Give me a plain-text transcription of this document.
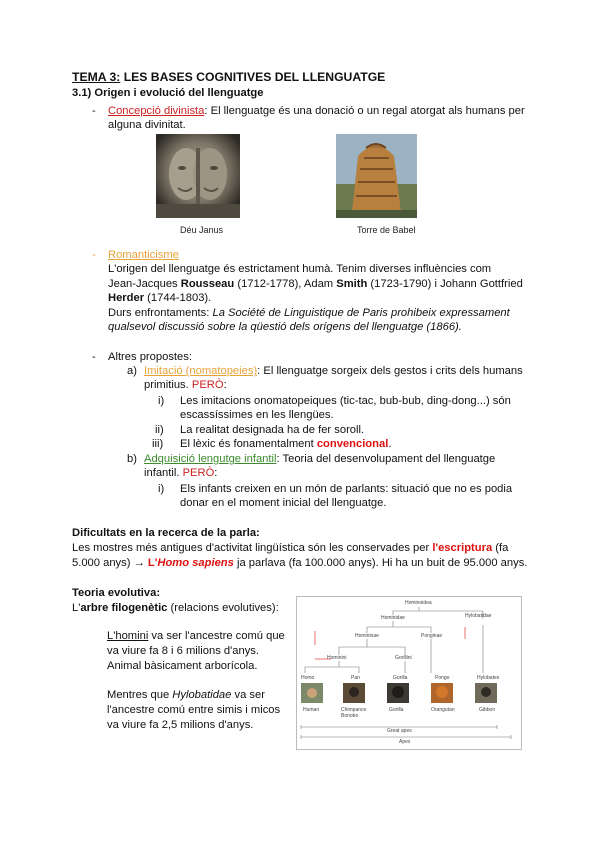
TEMA 3: LES BASES COGNITIVES DEL LLENGUATGE
3.1) Origen i evolució del llenguatge
- Concepció divinista: El llenguatge és una donació o un regal atorgat als humans per
alguna divinitat.
Déu Janus	Torre de Babel
- Romanticisme
L'origen del llenguatge és estrictament humà. Tenim diverses influències com
Jean-Jacques Rousseau (1712-1778), Adam Smith (1723-1790) i Johann Gottfried
Herder (1744-1803).
Durs enfrontaments: La Société de Linguistique de Paris prohibeix expressament
qualsevol discussió sobre la qüestió dels orígens del llenguatge (1866).
- Altres propostes:
a) Imitació (nomatopeies): El llenguatge sorgeix dels gestos i crits dels humans
primitius. PERÒ:
i) Les imitacions onomatopeiques (tic-tac, bub-bub, ding-dong...) són
escassíssimes en les llengües.
ii) La realitat designada ha de fer soroll.
iii) El lèxic és fonamentalment convencional.
b) Adquisició lengutge infantil: Teoria del desenvolupament del llenguatge
infantil. PERÒ:
i) Els infants creixen en un món de parlants: situació que no es podia
donar en el moment inicial del llenguatge.
Dificultats en la recerca de la parla:
Les mostres més antigues d'activitat lingüística són les conservades per l'escriptura (fa
5.000 anys) → L'Homo sapiens ja parlava (fa 100.000 anys). Hi ha un buit de 95.000 anys.
Teoria evolutiva:
L'arbre filogenètic (relacions evolutives):
L'homini va ser l'ancestre comú que
va viure fa 8 i 6 milions d'anys.
Animal bàsicament arborícola.
Mentres que Hylobatidae va ser
l'ancestre comú entre simis i micos
va viure fa 2,5 milions d'anys.
Hominoidea
Hominidae	Hylobatidae
Homininae	Ponginae
Hominini	Gorillini
Homo	Pan	Gorilla	Pongo	Hylobates
Human	Chimpance
Bonobo
Gorilla	Orangutan	Gibbon
Great apes
Apes
